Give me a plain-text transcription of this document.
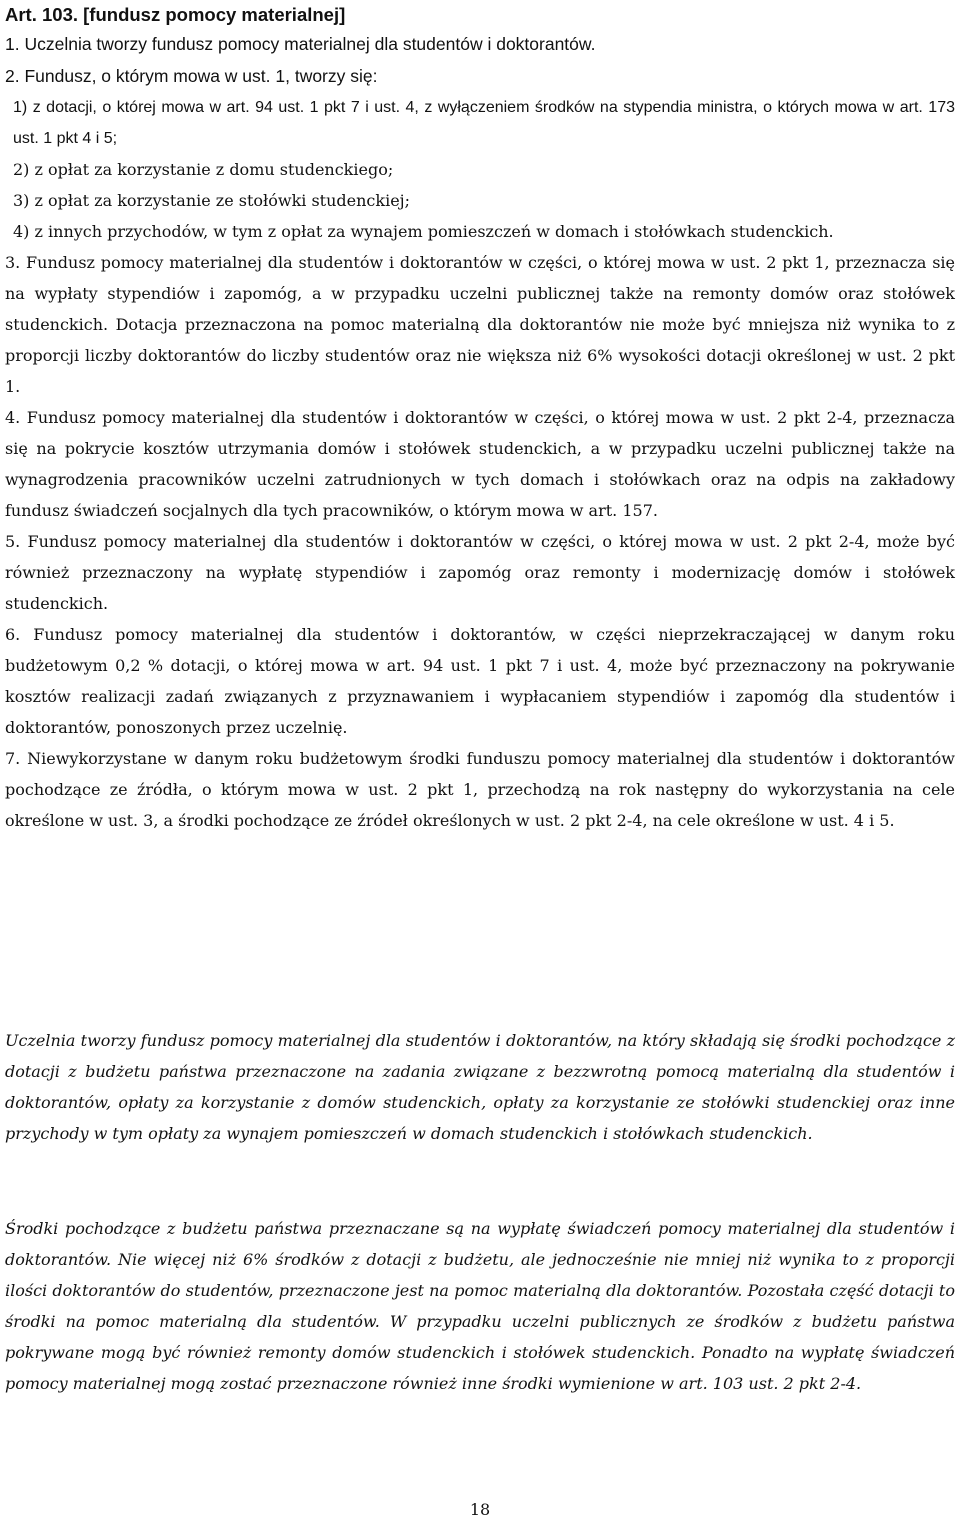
Art. 103. [fundusz pomocy materialnej]

1. Uczelnia tworzy fundusz pomocy materialnej dla studentów i doktorantów.

2. Fundusz, o którym mowa w ust. 1, tworzy się:

1) z dotacji, o której mowa w art. 94 ust. 1 pkt 7 i ust. 4, z wyłączeniem środków na stypendia ministra, o których mowa w art. 173 ust. 1 pkt 4 i 5;

2) z opłat za korzystanie z domu studenckiego;

3) z opłat za korzystanie ze stołówki studenckiej;

4) z innych przychodów, w tym z opłat za wynajem pomieszczeń w domach i stołówkach studenckich.

3. Fundusz pomocy materialnej dla studentów i doktorantów w części, o której mowa w ust. 2 pkt 1, przeznacza się na wypłaty stypendiów i zapomóg, a w przypadku uczelni publicznej także na remonty domów oraz stołówek studenckich. Dotacja przeznaczona na pomoc materialną dla doktorantów nie może być mniejsza niż wynika to z proporcji liczby doktorantów do liczby studentów oraz nie większa niż 6% wysokości dotacji określonej w ust. 2 pkt 1.

4. Fundusz pomocy materialnej dla studentów i doktorantów w części, o której mowa w ust. 2 pkt 2-4, przeznacza się na pokrycie kosztów utrzymania domów i stołówek studenckich, a w przypadku uczelni publicznej także na wynagrodzenia pracowników uczelni zatrudnionych w tych domach i stołówkach oraz na odpis na zakładowy fundusz świadczeń socjalnych dla tych pracowników, o którym mowa w art. 157.

5. Fundusz pomocy materialnej dla studentów i doktorantów w części, o której mowa w ust. 2 pkt 2-4, może być również przeznaczony na wypłatę stypendiów i zapomóg oraz remonty i modernizację domów i stołówek studenckich.

6. Fundusz pomocy materialnej dla studentów i doktorantów, w części nieprzekraczającej w danym roku budżetowym 0,2 % dotacji, o której mowa w art. 94 ust. 1 pkt 7 i ust. 4, może być przeznaczony na pokrywanie kosztów realizacji zadań związanych z przyznawaniem i wypłacaniem stypendiów i zapomóg dla studentów i doktorantów, ponoszonych przez uczelnię.

7. Niewykorzystane w danym roku budżetowym środki funduszu pomocy materialnej dla studentów i doktorantów pochodzące ze źródła, o którym mowa w ust. 2 pkt 1, przechodzą na rok następny do wykorzystania na cele określone w ust. 3, a środki pochodzące ze źródeł określonych w ust. 2 pkt 2-4, na cele określone w ust. 4 i 5.

Uczelnia tworzy fundusz pomocy materialnej dla studentów i doktorantów, na który składają się środki pochodzące z dotacji z budżetu państwa przeznaczone na zadania związane z bezzwrotną pomocą materialną dla studentów i doktorantów, opłaty za korzystanie z domów studenckich, opłaty za korzystanie ze stołówki studenckiej oraz inne przychody w tym opłaty za wynajem pomieszczeń w domach studenckich i stołówkach studenckich.

Środki pochodzące z budżetu państwa przeznaczane są na wypłatę świadczeń pomocy materialnej dla studentów i doktorantów. Nie więcej niż 6% środków z dotacji z budżetu, ale jednocześnie nie mniej niż wynika to z proporcji ilości doktorantów do studentów, przeznaczone jest na pomoc materialną dla doktorantów. Pozostała część dotacji to środki na pomoc materialną dla studentów. W przypadku uczelni publicznych ze środków z budżetu państwa pokrywane mogą być również remonty domów studenckich i stołówek studenckich. Ponadto na wypłatę świadczeń pomocy materialnej mogą zostać przeznaczone również inne środki wymienione w art. 103 ust. 2 pkt 2-4.

18
